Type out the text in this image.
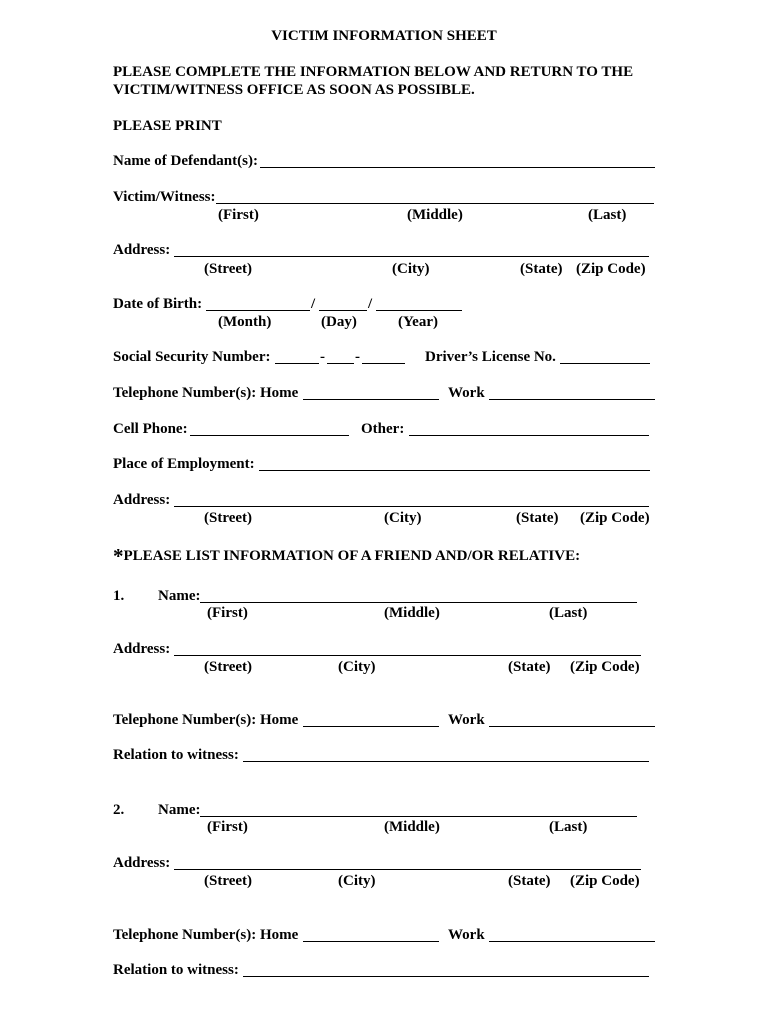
VICTIM INFORMATION SHEET
PLEASE COMPLETE THE INFORMATION BELOW AND RETURN TO THE
VICTIM/WITNESS OFFICE AS SOON AS POSSIBLE.
PLEASE PRINT
Name of Defendant(s):
Victim/Witness:
(First)	(Middle)	(Last)
Address:
(Street)	(City)	(State) (Zip Code)
Date of Birth:	/	/
(Month)	(Day)	(Year)
Social Security Number:	- -	Driver’s License No.
Telephone Number(s): Home	Work
Cell Phone:	Other:
Place of Employment:
Address:
(Street)	(City)	(State) (Zip Code)
*PLEASE LIST INFORMATION OF A FRIEND AND/OR RELATIVE:
1. Name:
(First)	(Middle)	(Last)
Address:
(Street)	(City)	(State) (Zip Code)
Telephone Number(s): Home	Work
Relation to witness:
2. Name:
(First)	(Middle)	(Last)
Address:
(Street)	(City)	(State) (Zip Code)
Telephone Number(s): Home	Work
Relation to witness:
